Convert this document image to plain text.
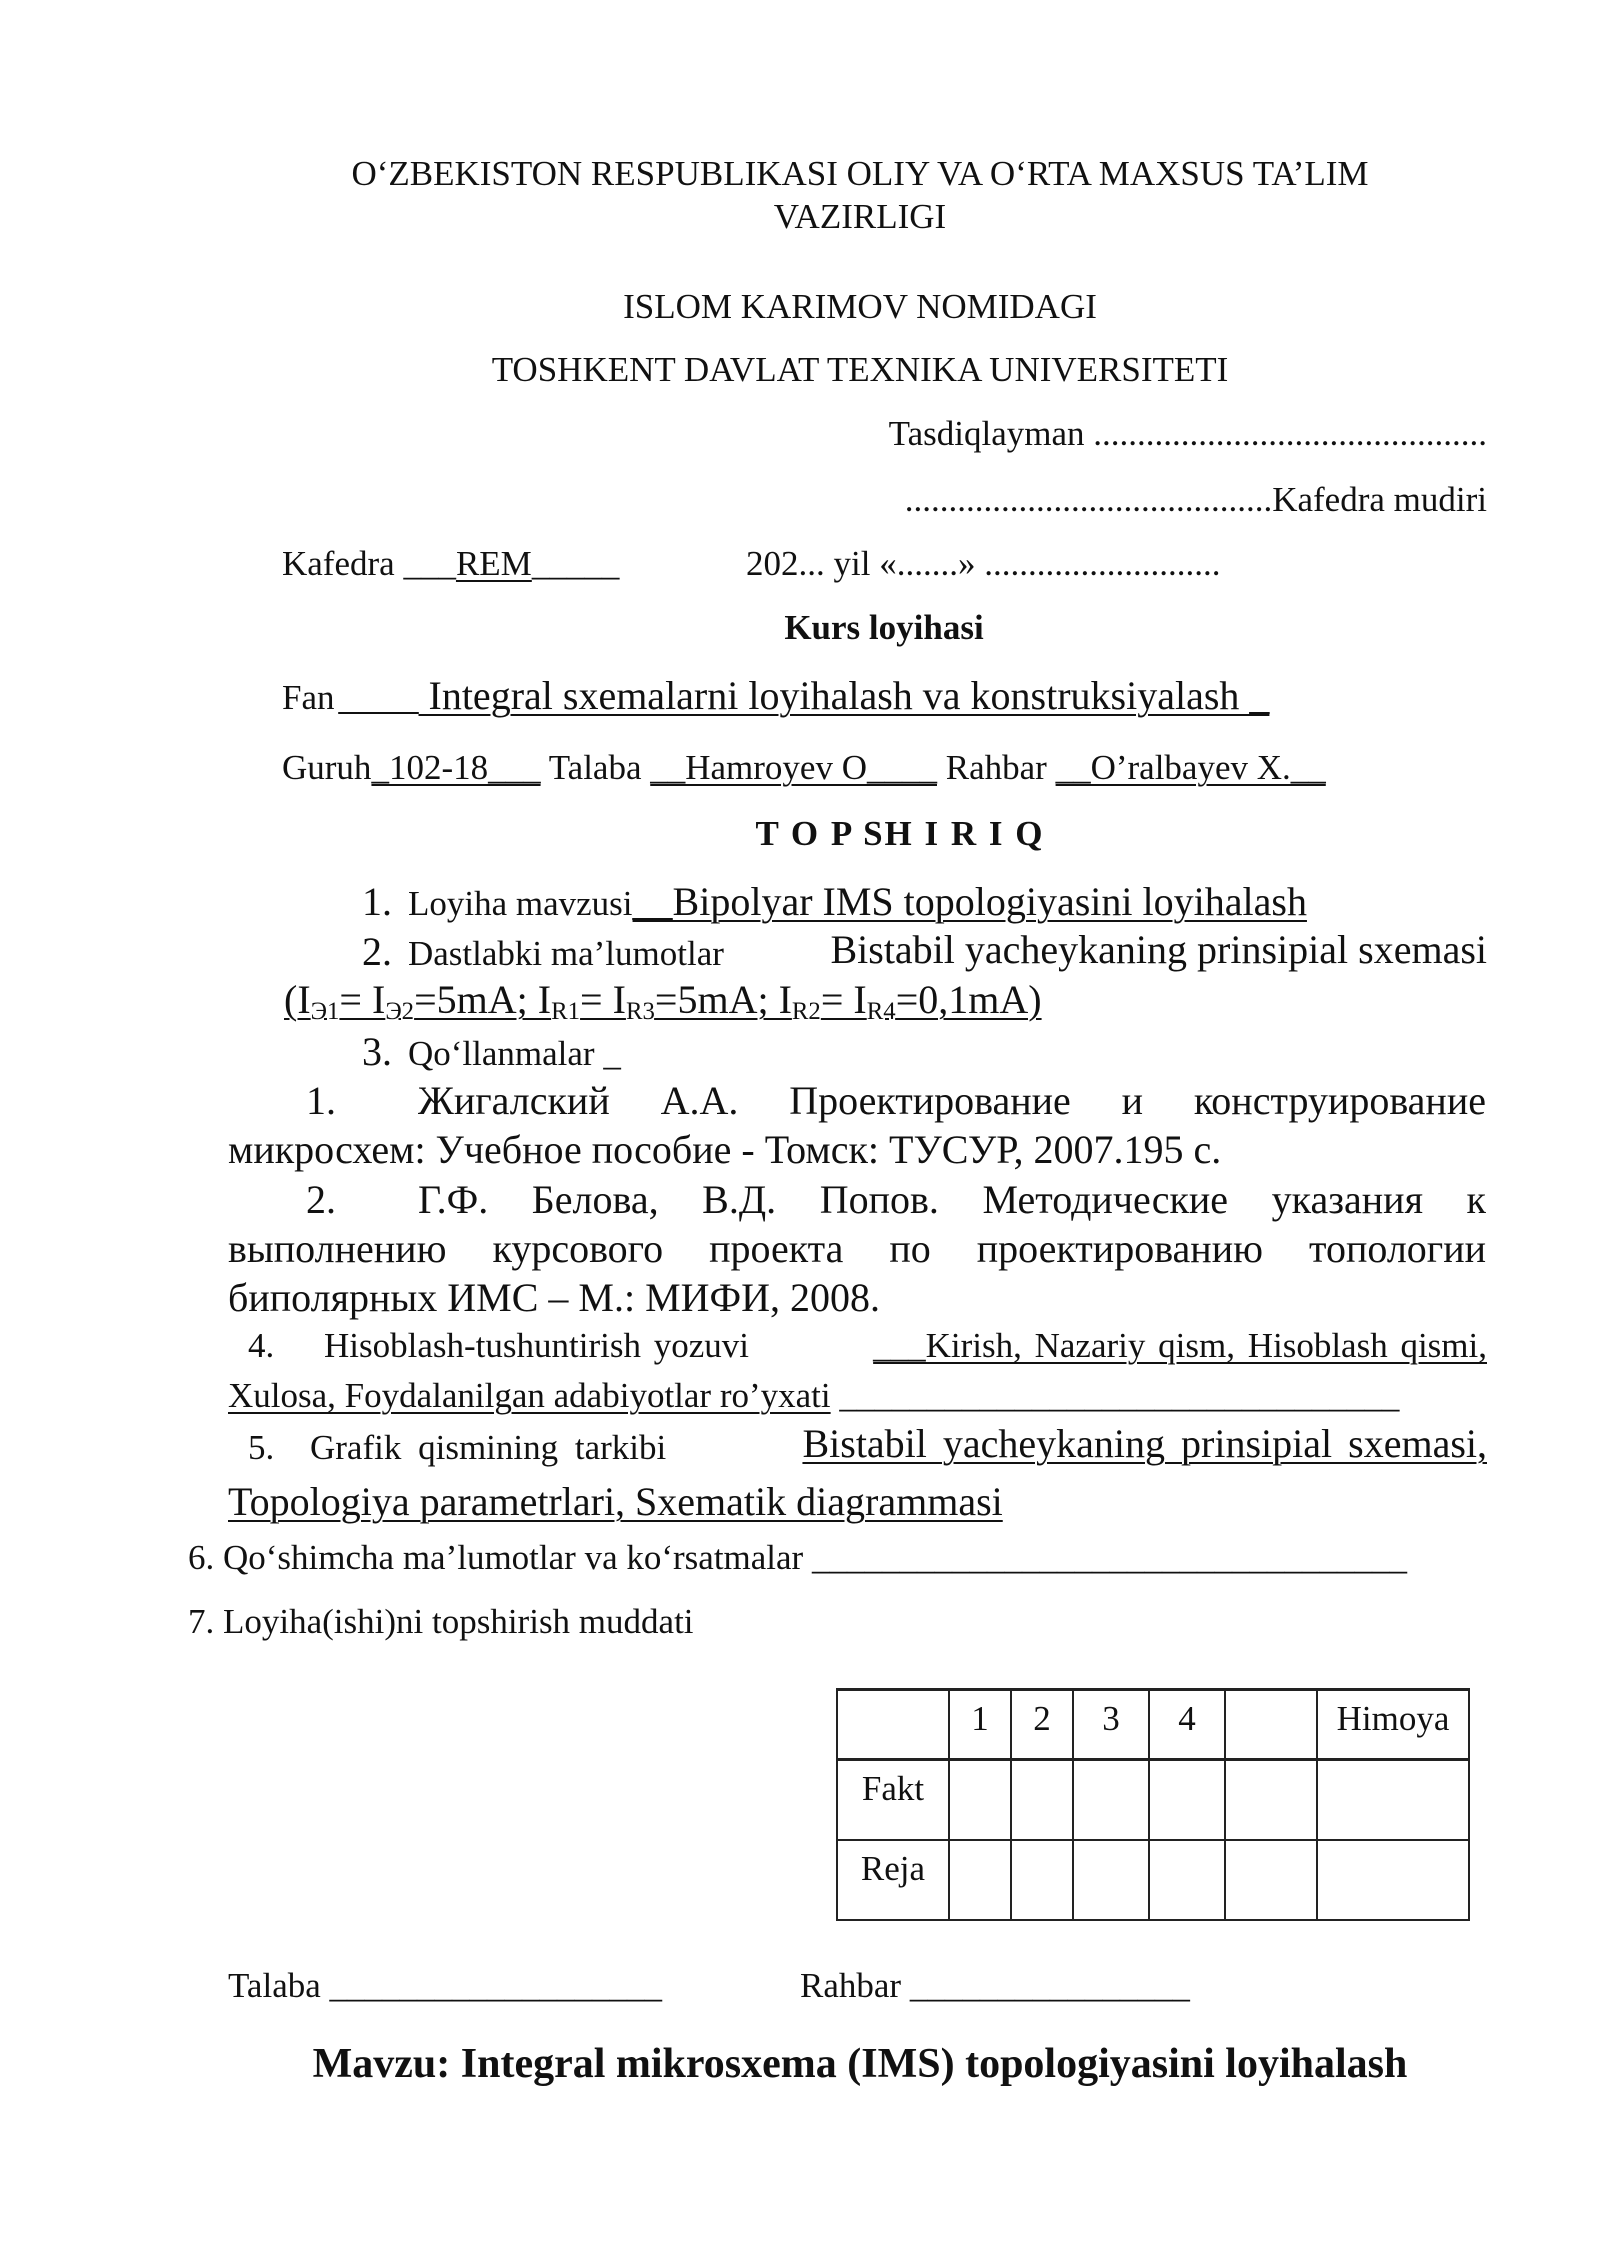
O‘ZBEKISTON RESPUBLIKASI OLIY VA O‘RTA MAXSUS TA’LIM
VAZIRLIGI
ISLOM KARIMOV NOMIDAGI
TOSHKENT DAVLAT TEXNIKA UNIVERSITETI
Tasdiqlayman .............................................
..........................................Kafedra mudiri
Kafedra ___REM_____	202... yil «.......» ...........................
Kurs loyihasi
Fan ____ Integral sxemalarni loyihalash va konstruksiyalash _
Guruh_102-18___ Talaba __Hamroyev O____ Rahbar __O’ralbayev X.__
T O P SH I R I Q
1. Loyiha mavzusi__Bipolyar IMS topologiyasini loyihalash
2. Dastlabki ma’lumotlar	Bistabil yacheykaning prinsipial sxemasi
($I_{Э1}= I_{Э2}=5mA$; $I_{R1}= I_{R3}=5mA$; $I_{R2}= I_{R4}=0,1mA$)
3. Qo‘llanmalar _
1. Жигалский А.А. Проектирование и конструирование
микросхем: Учебное пособие - Томск: ТУСУР, 2007.195 с.
2. Г.Ф. Белова, В.Д. Попов. Методические указания к
выполнению курсового проекта по проектированию топологии
биполярных ИМС – М.: МИФИ, 2008.
4. Hisoblash-tushuntirish yozuvi	___Kirish, Nazariy qism, Hisoblash qismi,
Xulosa, Foydalanilgan adabiyotlar ro’yxati ________________________________
5. Grafik qismining tarkibi	Bistabil yacheykaning prinsipial sxemasi,
Topologiya parametrlari, Sxematik diagrammasi
6. Qo‘shimcha ma’lumotlar va ko‘rsatmalar __________________________________
7. Loyiha(ishi)ni topshirish muddati
	1	2	3	4		Himoya
Fakt						
Reja						
Talaba ___________________	Rahbar ________________
Mavzu: Integral mikrosxema (IMS) topologiyasini loyihalash
